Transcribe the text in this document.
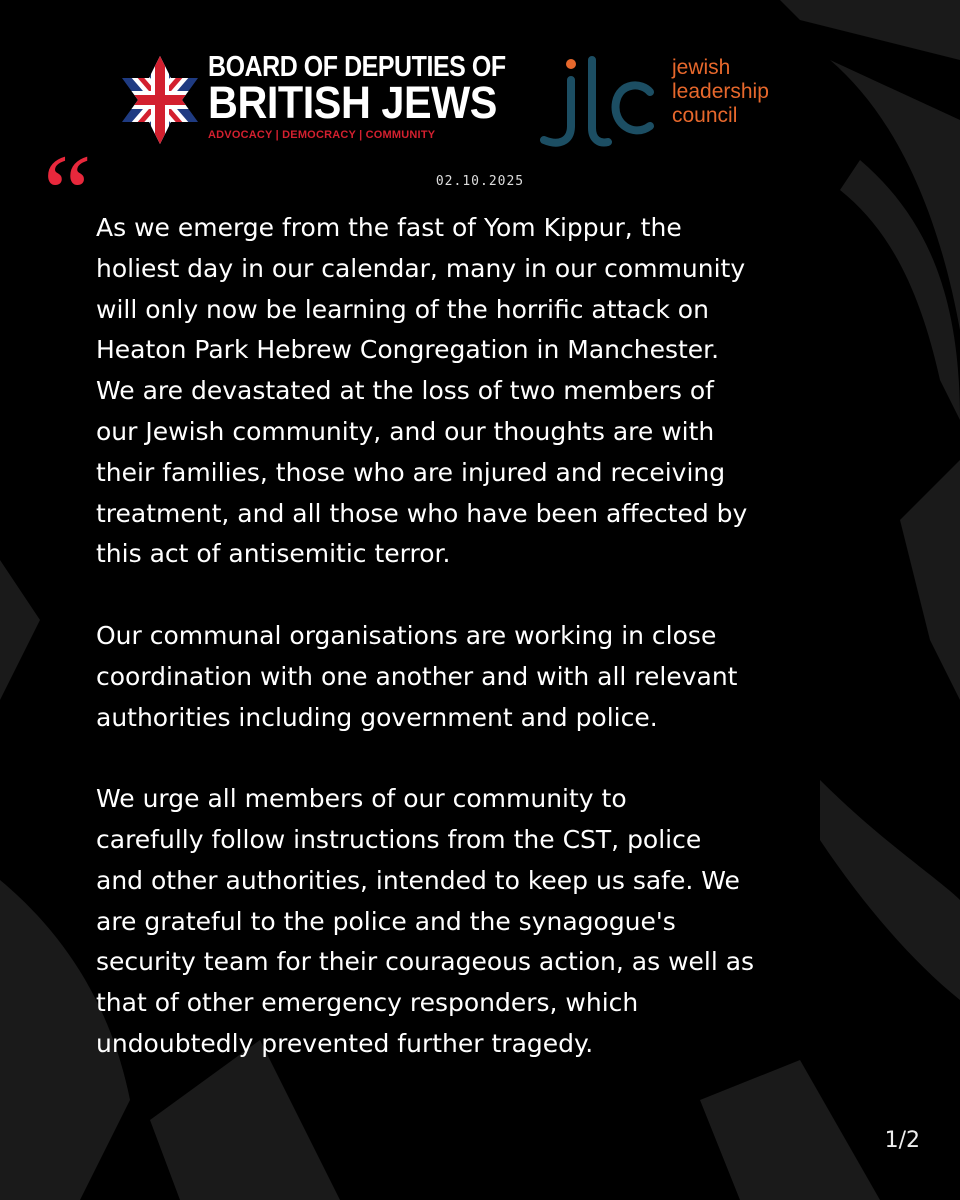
BOARD OF DEPUTIES OF
BRITISH JEWS
ADVOCACY | DEMOCRACY | COMMUNITY
jewish
leadership
council
02.10.2025
“ As we emerge from the fast of Yom Kippur, the
holiest day in our calendar, many in our community
will only now be learning of the horrific attack on
Heaton Park Hebrew Congregation in Manchester.
We are devastated at the loss of two members of
our Jewish community, and our thoughts are with
their families, those who are injured and receiving
treatment, and all those who have been affected by
this act of antisemitic terror.

Our communal organisations are working in close
coordination with one another and with all relevant
authorities including government and police.

We urge all members of our community to
carefully follow instructions from the CST, police
and other authorities, intended to keep us safe. We
are grateful to the police and the synagogue's
security team for their courageous action, as well as
that of other emergency responders, which
undoubtedly prevented further tragedy.

1/2
